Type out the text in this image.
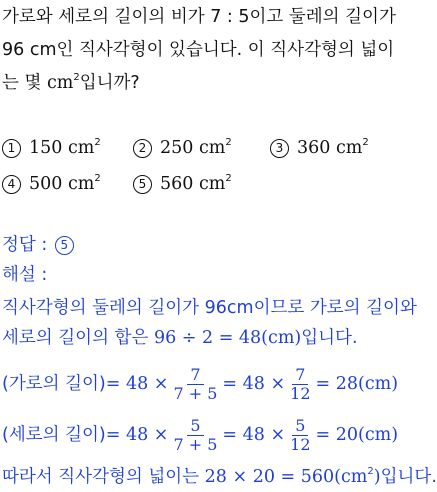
가로와 세로의 길이의 비가 7 : 5이고 둘레의 길이가
96 cm인 직사각형이 있습니다. 이 직사각형의 넓이
는 몇 $cm^2$입니까?
1 150 $cm^2$	2 250 $cm^2$	3 360 $cm^2$
4 500 $cm^2$	5 560 $cm^2$
정답 : 5
해설 :
직사각형의 둘레의 길이가 96cm이므로 가로의 길이와
세로의 길이의 합은 96 ÷ 2 = 48(cm)입니다.
(가로의 길이) = $48 \times \frac{7}{7 + 5} = 48 \times \frac{7}{12} = 28(cm)$
(세로의 길이) = $48 \times \frac{5}{7 + 5} = 48 \times \frac{5}{12} = 20(cm)$
따라서 직사각형의 넓이는 $28 \times 20 = 560(cm^2)$입니다.
